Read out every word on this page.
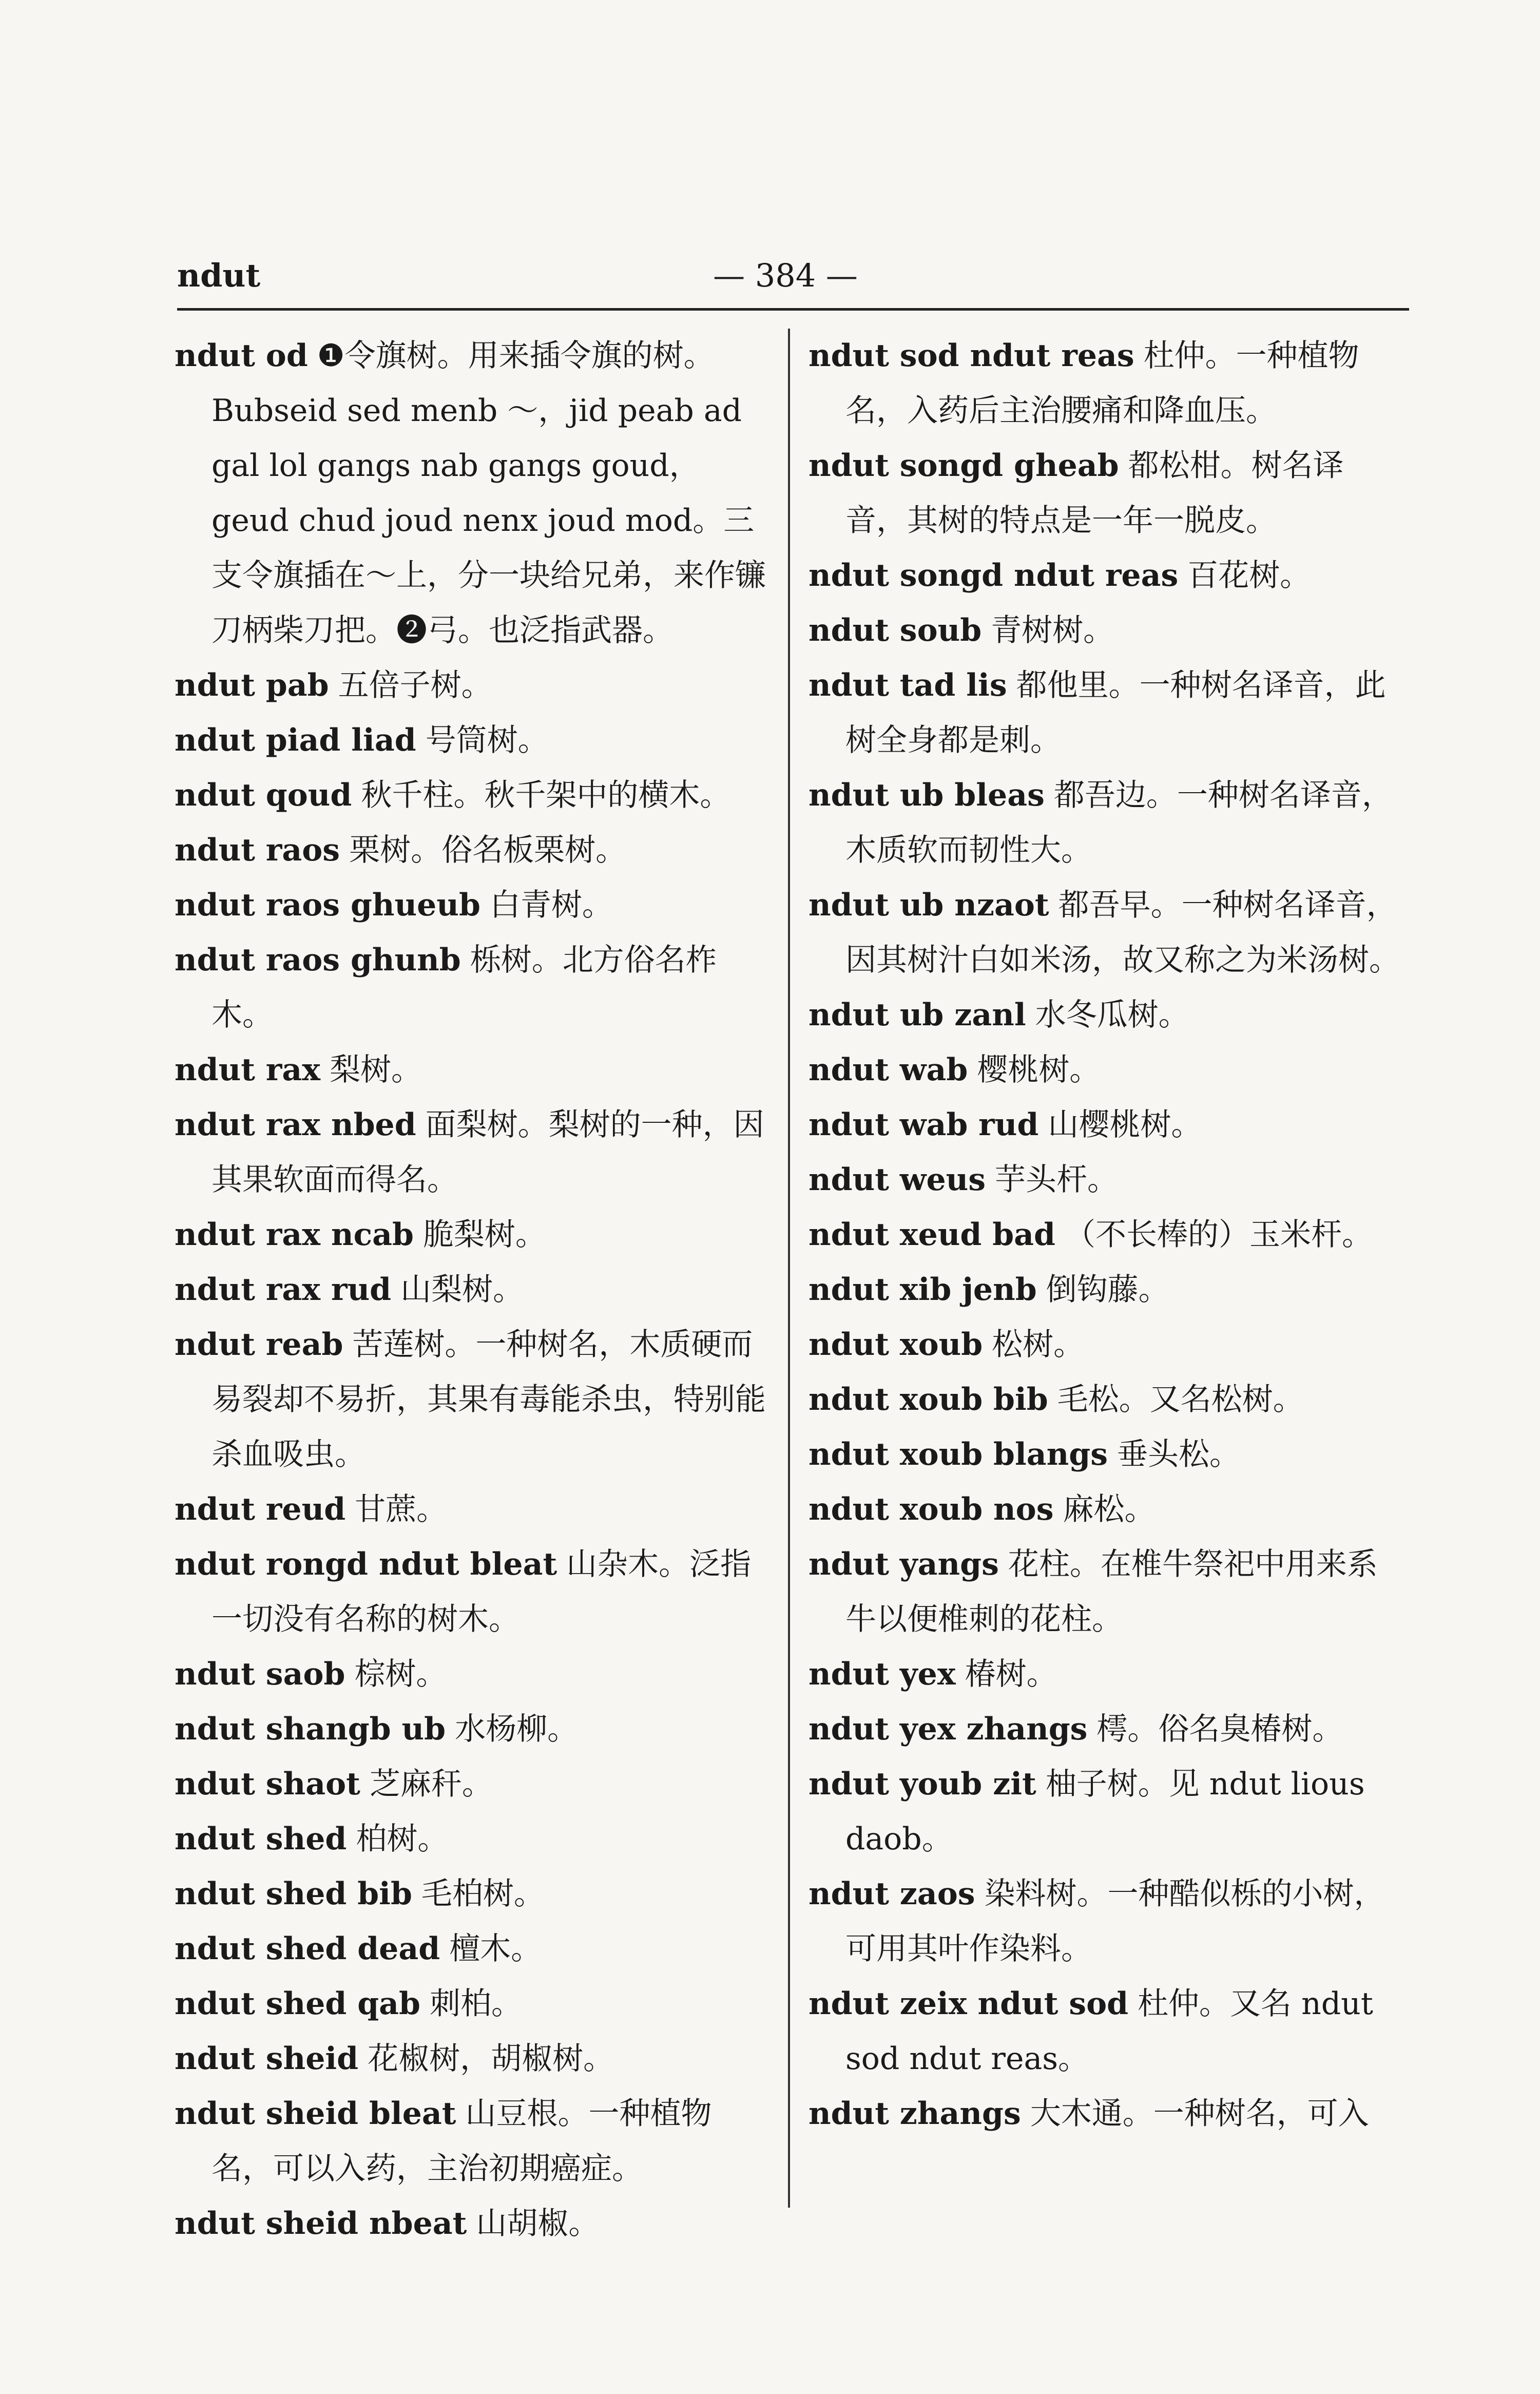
ndut	— 384 —

ndut od ❶令旗树。用来插令旗的树。Bubseid sed menb ～，jid peab ad gal lol gangs nab gangs goud，geud chud joud nenx joud mod。三支令旗插在～上，分一块给兄弟，来作镰刀柄柴刀把。❷弓。也泛指武器。

ndut pab 五倍子树。

ndut piad liad 号筒树。

ndut qoud 秋千柱。秋千架中的横木。

ndut raos 栗树。俗名板栗树。

ndut raos ghueub 白青树。

ndut raos ghunb 栎树。北方俗名柞木。

ndut rax 梨树。

ndut rax nbed 面梨树。梨树的一种，因其果软面而得名。

ndut rax ncab 脆梨树。

ndut rax rud 山梨树。

ndut reab 苦莲树。一种树名，木质硬而易裂却不易折，其果有毒能杀虫，特别能杀血吸虫。

ndut reud 甘蔗。

ndut rongd ndut bleat 山杂木。泛指一切没有名称的树木。

ndut saob 棕树。

ndut shangb ub 水杨柳。

ndut shaot 芝麻秆。

ndut shed 柏树。

ndut shed bib 毛柏树。

ndut shed dead 檀木。

ndut shed qab 刺柏。

ndut sheid 花椒树，胡椒树。

ndut sheid bleat 山豆根。一种植物名，可以入药，主治初期癌症。

ndut sheid nbeat 山胡椒。

ndut sod ndut reas 杜仲。一种植物名，入药后主治腰痛和降血压。

ndut songd gheab 都松柑。树名译音，其树的特点是一年一脱皮。

ndut songd ndut reas 百花树。

ndut soub 青树树。

ndut tad lis 都他里。一种树名译音，此树全身都是刺。

ndut ub bleas 都吾边。一种树名译音，木质软而韧性大。

ndut ub nzaot 都吾早。一种树名译音，因其树汁白如米汤，故又称之为米汤树。

ndut ub zanl 水冬瓜树。

ndut wab 樱桃树。

ndut wab rud 山樱桃树。

ndut weus 芋头杆。

ndut xeud bad （不长棒的）玉米杆。

ndut xib jenb 倒钩藤。

ndut xoub 松树。

ndut xoub bib 毛松。又名松树。

ndut xoub blangs 垂头松。

ndut xoub nos 麻松。

ndut yangs 花柱。在椎牛祭祀中用来系牛以便椎刺的花柱。

ndut yex 椿树。

ndut yex zhangs 樗。俗名臭椿树。

ndut youb zit 柚子树。见 ndut lious daob。

ndut zaos 染料树。一种酷似栎的小树，可用其叶作染料。

ndut zeix ndut sod 杜仲。又名 ndut sod ndut reas。

ndut zhangs 大木通。一种树名，可入
